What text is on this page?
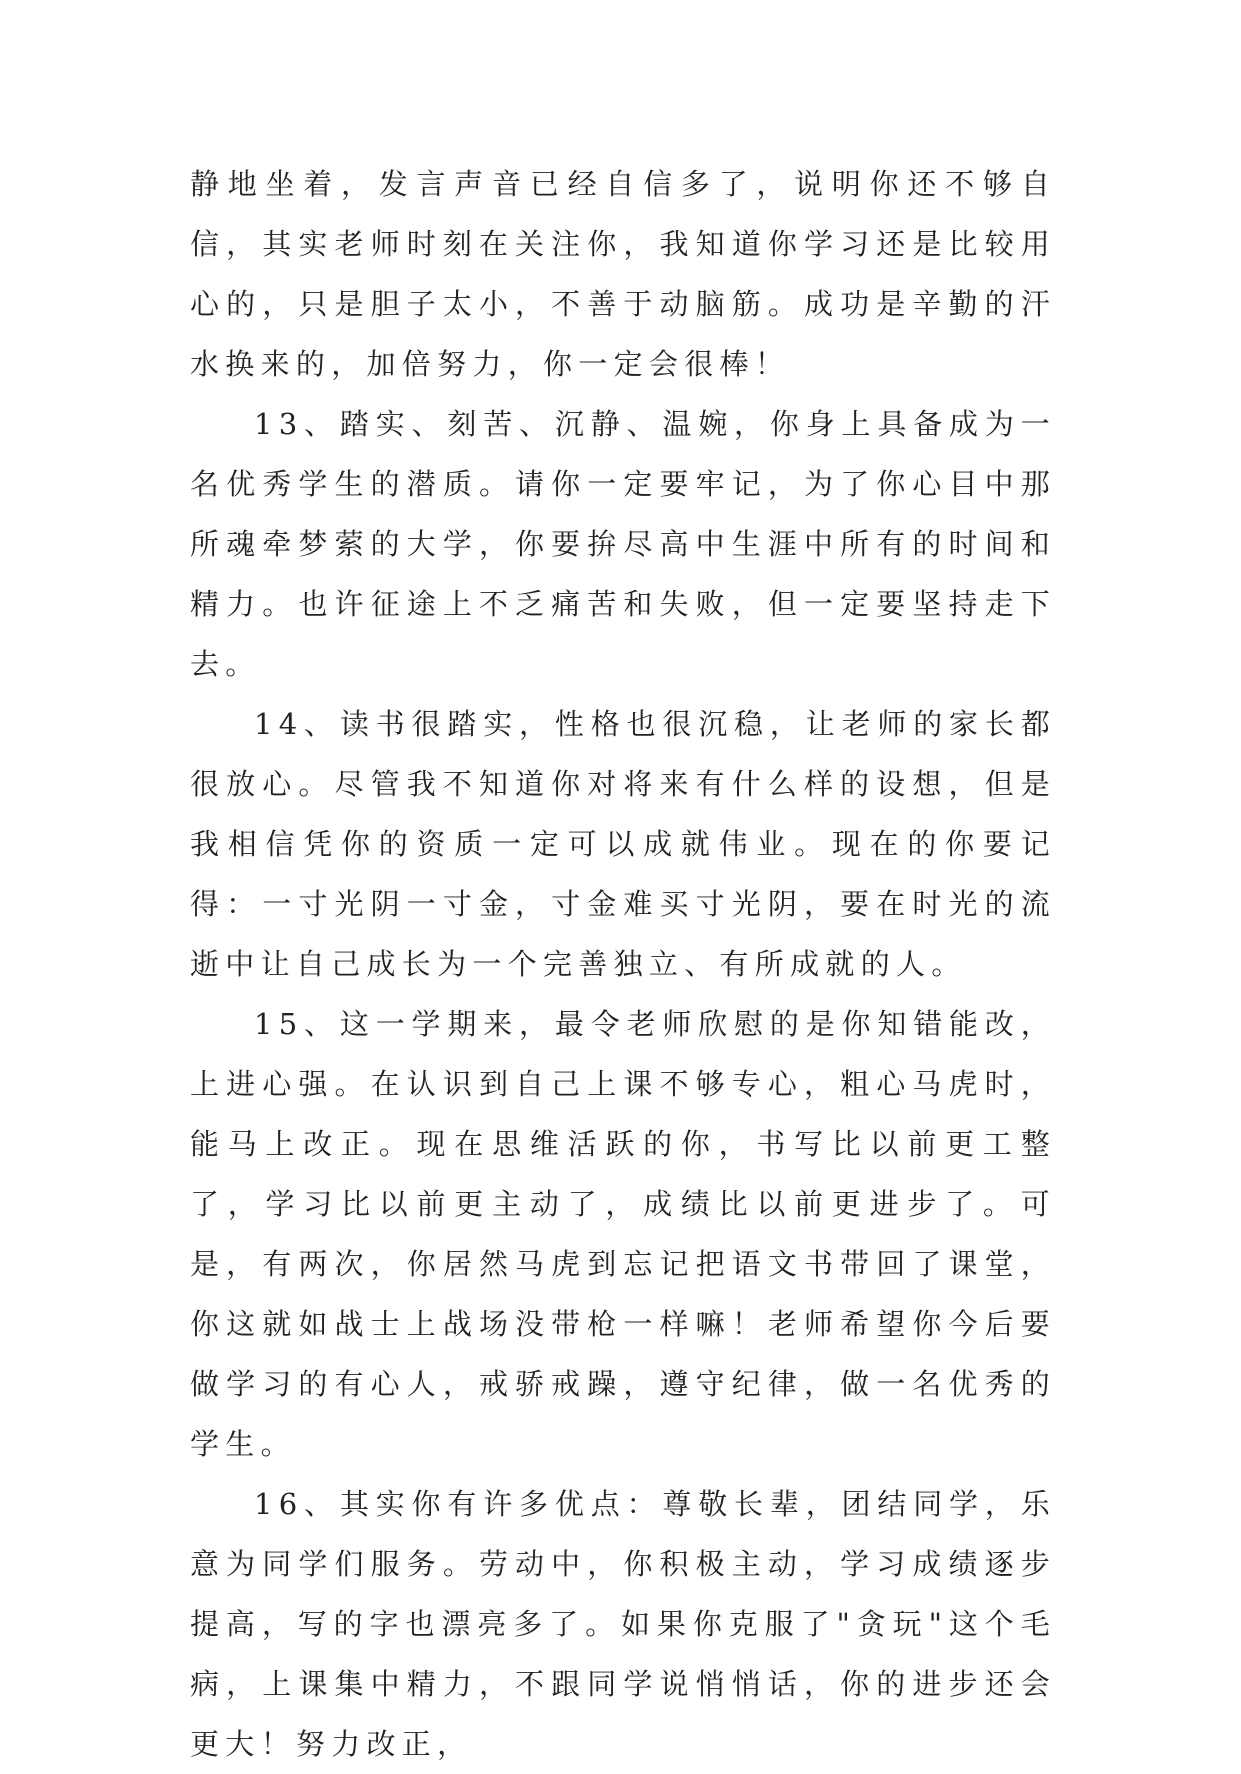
静地坐着，发言声音已经自信多了，说明你还不够自信，其实老师时刻在关注你，我知道你学习还是比较用心的，只是胆子太小，不善于动脑筋。成功是辛勤的汗水换来的，加倍努力，你一定会很棒！

13、踏实、刻苦、沉静、温婉，你身上具备成为一名优秀学生的潜质。请你一定要牢记，为了你心目中那所魂牵梦萦的大学，你要拚尽高中生涯中所有的时间和精力。也许征途上不乏痛苦和失败，但一定要坚持走下去。

14、读书很踏实，性格也很沉稳，让老师的家长都很放心。尽管我不知道你对将来有什么样的设想，但是我相信凭你的资质一定可以成就伟业。现在的你要记得：一寸光阴一寸金，寸金难买寸光阴，要在时光的流逝中让自己成长为一个完善独立、有所成就的人。

15、这一学期来，最令老师欣慰的是你知错能改，上进心强。在认识到自己上课不够专心，粗心马虎时，能马上改正。现在思维活跃的你，书写比以前更工整了，学习比以前更主动了，成绩比以前更进步了。可是，有两次，你居然马虎到忘记把语文书带回了课堂，你这就如战士上战场没带枪一样嘛！老师希望你今后要做学习的有心人，戒骄戒躁，遵守纪律，做一名优秀的学生。

16、其实你有许多优点：尊敬长辈，团结同学，乐意为同学们服务。劳动中，你积极主动，学习成绩逐步提高，写的字也漂亮多了。如果你克服了"贪玩"这个毛病，上课集中精力，不跟同学说悄悄话，你的进步还会更大！努力改正，
